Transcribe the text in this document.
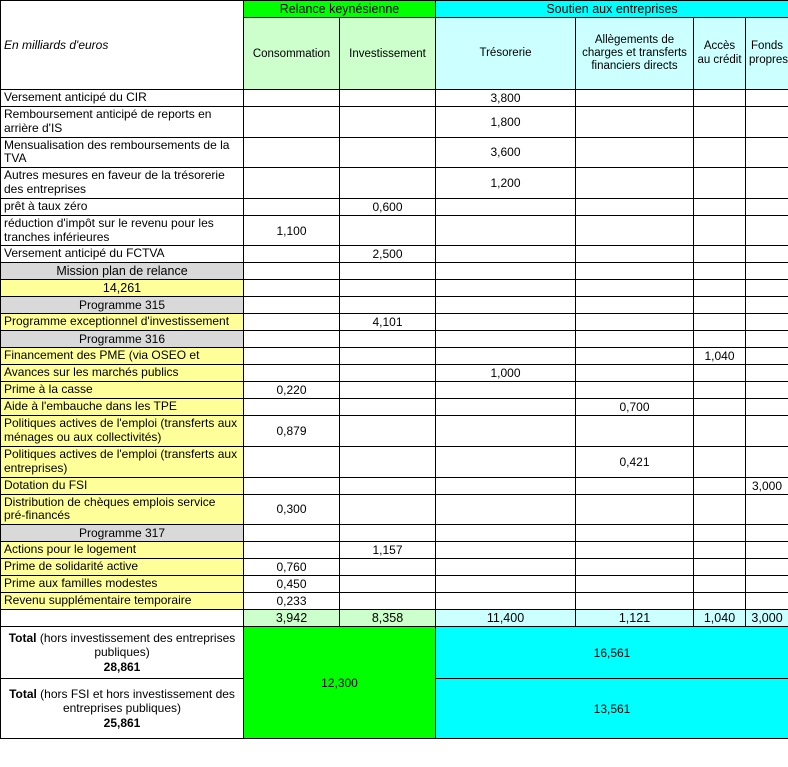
En milliards d'euros	Relance keynésienne		Soutien aux entreprises			
	Consommation	Investissement	Trésorerie	Allègements de charges et transferts financiers directs	Accès au crédit	Fonds propres
Versement anticipé du CIR			3,800			
Remboursement anticipé de reports en arrière d'IS			1,800			
Mensualisation des remboursements de la TVA			3,600			
Autres mesures en faveur de la trésorerie des entreprises			1,200			
prêt à taux zéro		0,600				
réduction d'impôt sur le revenu pour les tranches inférieures	1,100					
Versement anticipé du FCTVA		2,500				
Mission plan de relance						
14,261						
Programme 315						
Programme exceptionnel d'investissement		4,101				
Programme 316						
Financement des PME (via OSEO et					1,040	
Avances sur les marchés publics			1,000			
Prime à la casse	0,220					
Aide à l'embauche dans les TPE				0,700		
Politiques actives de l'emploi (transferts aux ménages ou aux collectivités)	0,879					
Politiques actives de l'emploi (transferts aux entreprises)				0,421		
Dotation du FSI						3,000
Distribution de chèques emplois service pré-financés	0,300					
Programme 317						
Actions pour le logement		1,157				
Prime de solidarité active	0,760					
Prime aux familles modestes	0,450					
Revenu supplémentaire temporaire	0,233					
	3,942	8,358	11,400	1,121	1,040	3,000
Total (hors investissement des entreprises publiques)
28,861	12,300		16,561			
Total (hors FSI et hors investissement des entreprises publiques)
25,861			13,561			
